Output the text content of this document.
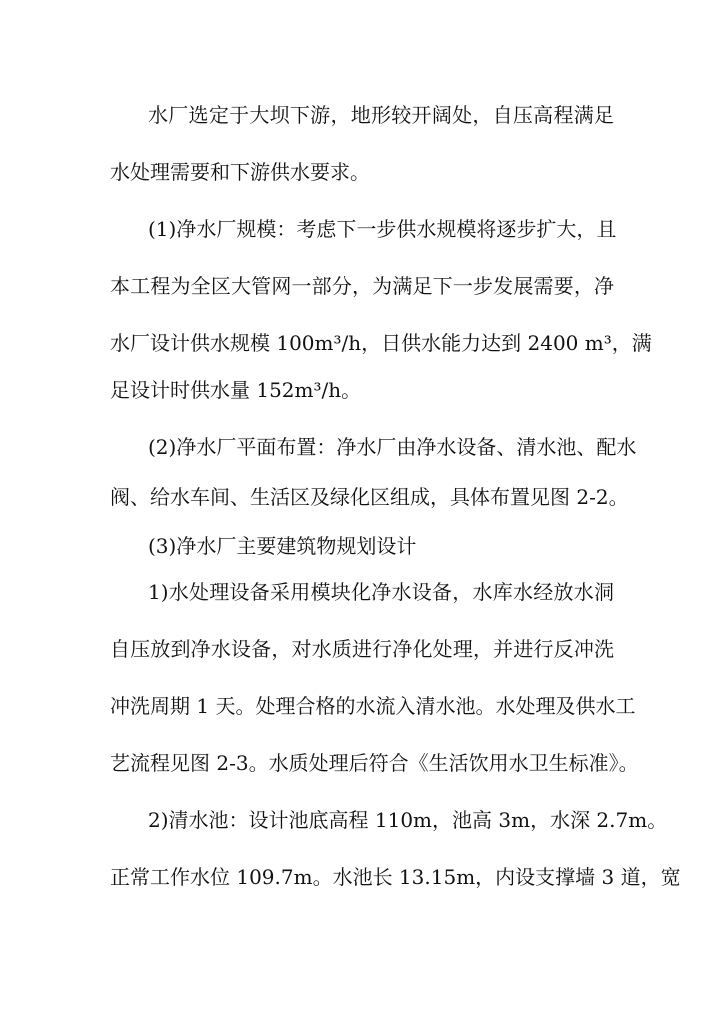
水厂选定于大坝下游，地形较开阔处，自压高程满足
水处理需要和下游供水要求。
(1)净水厂规模：考虑下一步供水规模将逐步扩大，且
本工程为全区大管网一部分，为满足下一步发展需要，净
水厂设计供水规模 100m³/h，日供水能力达到 2400 m³，满
足设计时供水量 152m³/h。
(2)净水厂平面布置：净水厂由净水设备、清水池、配水
阀、给水车间、生活区及绿化区组成，具体布置见图 2-2。
(3)净水厂主要建筑物规划设计
1)水处理设备采用模块化净水设备，水库水经放水洞
自压放到净水设备，对水质进行净化处理，并进行反冲洗
冲洗周期 1 天。处理合格的水流入清水池。水处理及供水工
艺流程见图 2-3。水质处理后符合《生活饮用水卫生标准》。
2)清水池：设计池底高程 110m，池高 3m，水深 2.7m。
正常工作水位 109.7m。水池长 13.15m，内设支撑墙 3 道，宽
